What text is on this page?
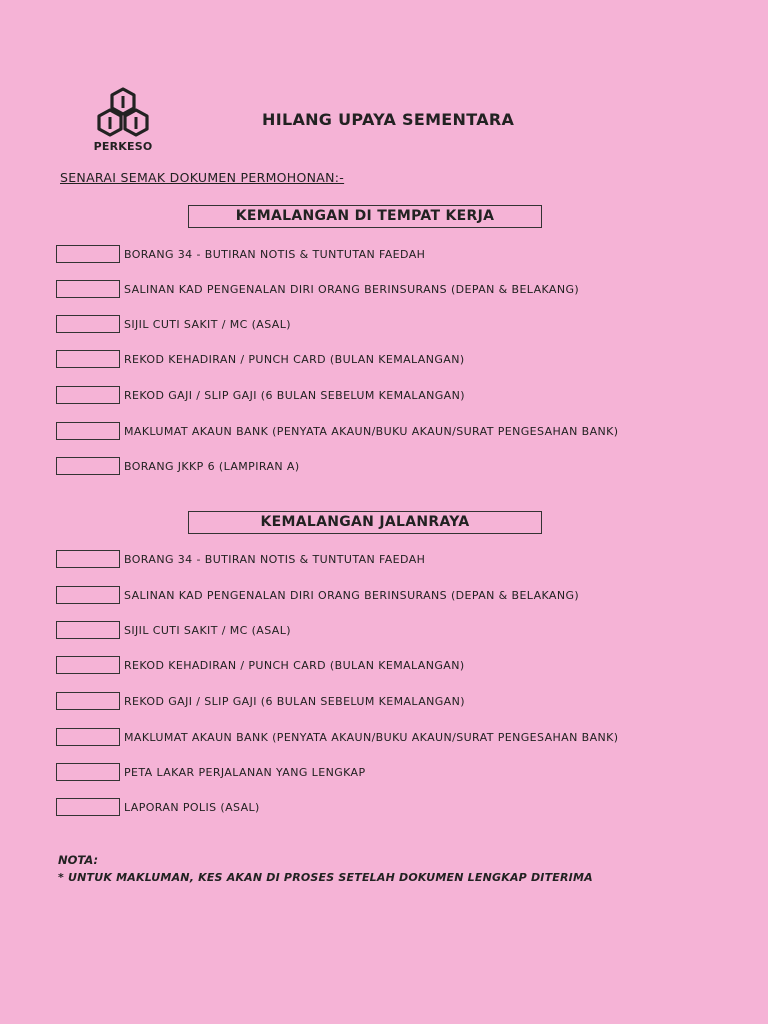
PERKESO
HILANG UPAYA SEMENTARA
SENARAI SEMAK DOKUMEN PERMOHONAN:-
KEMALANGAN DI TEMPAT KERJA
BORANG 34 - BUTIRAN NOTIS & TUNTUTAN FAEDAH
SALINAN KAD PENGENALAN DIRI ORANG BERINSURANS (DEPAN & BELAKANG)
SIJIL CUTI SAKIT / MC (ASAL)
REKOD KEHADIRAN / PUNCH CARD (BULAN KEMALANGAN)
REKOD GAJI / SLIP GAJI (6 BULAN SEBELUM KEMALANGAN)
MAKLUMAT AKAUN BANK (PENYATA AKAUN/BUKU AKAUN/SURAT PENGESAHAN BANK)
BORANG JKKP 6 (LAMPIRAN A)
KEMALANGAN JALANRAYA
BORANG 34 - BUTIRAN NOTIS & TUNTUTAN FAEDAH
SALINAN KAD PENGENALAN DIRI ORANG BERINSURANS (DEPAN & BELAKANG)
SIJIL CUTI SAKIT / MC (ASAL)
REKOD KEHADIRAN / PUNCH CARD (BULAN KEMALANGAN)
REKOD GAJI / SLIP GAJI (6 BULAN SEBELUM KEMALANGAN)
MAKLUMAT AKAUN BANK (PENYATA AKAUN/BUKU AKAUN/SURAT PENGESAHAN BANK)
PETA LAKAR PERJALANAN YANG LENGKAP
LAPORAN POLIS (ASAL)
NOTA:
* UNTUK MAKLUMAN, KES AKAN DI PROSES SETELAH DOKUMEN LENGKAP DITERIMA
